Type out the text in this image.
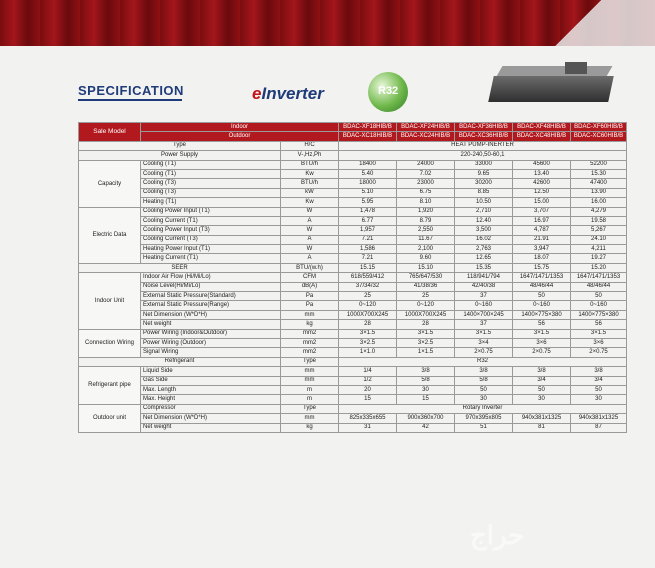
SPECIFICATION	eInverter	R32
Sale Model	Indoor		BDAC-XF18HIB/B	BDAC-XF24HIB/B	BDAC-XF36HIB/B	BDAC-XF48HIB/B	BDAC-XF60HIB/B
	Outdoor		BDAC-XC18HIB/B	BDAC-XC24HIB/B	BDAC-XC36HIB/B	BDAC-XC48HIB/B	BDAC-XC60HIB/B
Type		H/C	HEAT PUMP-INERTER				
Power Supply		V-,Hz,Ph	220-240,50-60,1				
Capacity	Cooling (T1)	BTU/h	18400	24000	33000	45600	52200
	Cooling (T1)	Kw	5.40	7.02	9.65	13.40	15.30
	Cooling (T3)	BTU/h	18000	23000	30200	42600	47400
	Cooling (T3)	kW	5.10	6.75	8.85	12.50	13.90
	Heating (T1)	Kw	5.95	8.10	10.50	15.00	16.00
Electric Data	Cooling Power Input (T1)	W	1,478	1,920	2,710	3,707	4,279
	Cooling Current (T1)	A	6.77	8.79	12.40	16.97	19.58
	Cooling Power Input (T3)	W	1,957	2,550	3,500	4,787	5,267
	Cooling Current (T3)	A	7.21	11.67	16.02	21.91	24.10
	Heating Power Input (T1)	W	1,586	2,100	2,763	3,947	4,211
	Heating Current (T1)	A	7.21	9.60	12.65	18.07	19.27
SEER		BTU/(w.h)	15.15	15.10	15.35	15.75	15.20
Indoor Unit	Indoor Air Flow (Hi/Mi/Lo)	CFM	618/559/412	765/647/530	118/941/794	1647/1471/1353	1647/1471/1353
	Noise Level(Hi/Mi/Lo)	dB(A)	37/34/32	41/38/36	42/40/38	48/46/44	48/46/44
	External Static Pressure(Standard)	Pa	25	25	37	50	50
	External Static Pressure(Range)	Pa	0~120	0~120	0~160	0~160	0~160
	Net Dimension (W*D*H)	mm	1000X700X245	1000X700X245	1400×700×245	1400×775×380	1400×775×380
	Net weight	kg	28	28	37	56	56
Connection Wiring	Power Wiring (Indoor&Outdoor)	mm2	3×1.5	3×1.5	3×1.5	3×1.5	3×1.5
	Power Wiring (Outdoor)	mm2	3×2.5	3×2.5	3×4	3×6	3×6
	Signal Wiring	mm2	1×1.0	1×1.5	2×0.75	2×0.75	2×0.75
Refrigerant		Type	R32				
Refrigerant pipe	Liquid Side	mm	1/4	3/8	3/8	3/8	3/8
	Gas Side	mm	1/2	5/8	5/8	3/4	3/4
	Max. Length	m	20	30	50	50	50
	Max. Height	m	15	15	30	30	30
Outdoor unit	Compressor	Type	Rotary Inverter				
	Net Dimension (W*D*H)	mm	825x335x655	900x360x700	970x395x805	940x381x1325	940x381x1325
	Net weight	kg	31	42	51	81	87
ﺣﺮاج
